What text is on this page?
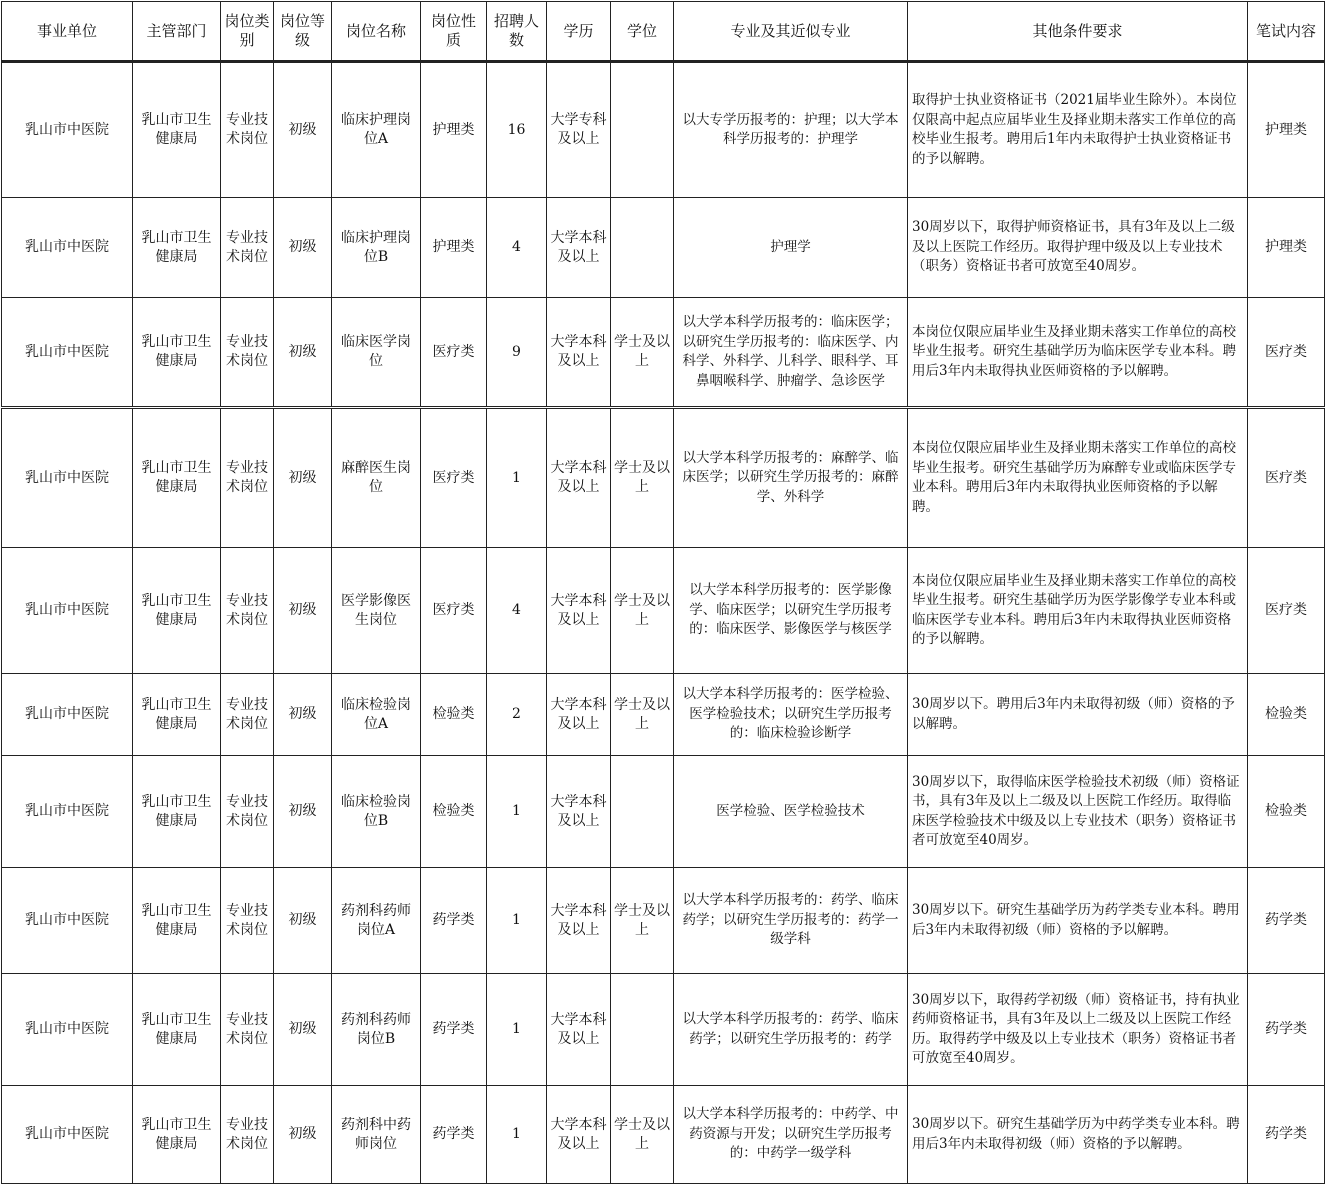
事业单位	主管部门	岗位类别	岗位等级	岗位名称	岗位性质	招聘人数	学历	学位	专业及其近似专业	其他条件要求	笔试内容
乳山市中医院	乳山市卫生健康局	专业技术岗位	初级	临床护理岗位A	护理类	16	大学专科及以上		以大专学历报考的：护理；以大学本科学历报考的：护理学	取得护士执业资格证书（2021届毕业生除外）。本岗位仅限高中起点应届毕业生及择业期未落实工作单位的高校毕业生报考。聘用后1年内未取得护士执业资格证书的予以解聘。	护理类
乳山市中医院	乳山市卫生健康局	专业技术岗位	初级	临床护理岗位B	护理类	4	大学本科及以上		护理学	30周岁以下，取得护师资格证书，具有3年及以上二级及以上医院工作经历。取得护理中级及以上专业技术（职务）资格证书者可放宽至40周岁。	护理类
乳山市中医院	乳山市卫生健康局	专业技术岗位	初级	临床医学岗位	医疗类	9	大学本科及以上	学士及以上	以大学本科学历报考的：临床医学；以研究生学历报考的：临床医学、内科学、外科学、儿科学、眼科学、耳鼻咽喉科学、肿瘤学、急诊医学	本岗位仅限应届毕业生及择业期未落实工作单位的高校毕业生报考。研究生基础学历为临床医学专业本科。聘用后3年内未取得执业医师资格的予以解聘。	医疗类
乳山市中医院	乳山市卫生健康局	专业技术岗位	初级	麻醉医生岗位	医疗类	1	大学本科及以上	学士及以上	以大学本科学历报考的：麻醉学、临床医学；以研究生学历报考的：麻醉学、外科学	本岗位仅限应届毕业生及择业期未落实工作单位的高校毕业生报考。研究生基础学历为麻醉专业或临床医学专业本科。聘用后3年内未取得执业医师资格的予以解聘。	医疗类
乳山市中医院	乳山市卫生健康局	专业技术岗位	初级	医学影像医生岗位	医疗类	4	大学本科及以上	学士及以上	以大学本科学历报考的：医学影像学、临床医学；以研究生学历报考的：临床医学、影像医学与核医学	本岗位仅限应届毕业生及择业期未落实工作单位的高校毕业生报考。研究生基础学历为医学影像学专业本科或临床医学专业本科。聘用后3年内未取得执业医师资格的予以解聘。	医疗类
乳山市中医院	乳山市卫生健康局	专业技术岗位	初级	临床检验岗位A	检验类	2	大学本科及以上	学士及以上	以大学本科学历报考的：医学检验、医学检验技术；以研究生学历报考的：临床检验诊断学	30周岁以下。聘用后3年内未取得初级（师）资格的予以解聘。	检验类
乳山市中医院	乳山市卫生健康局	专业技术岗位	初级	临床检验岗位B	检验类	1	大学本科及以上		医学检验、医学检验技术	30周岁以下，取得临床医学检验技术初级（师）资格证书，具有3年及以上二级及以上医院工作经历。取得临床医学检验技术中级及以上专业技术（职务）资格证书者可放宽至40周岁。	检验类
乳山市中医院	乳山市卫生健康局	专业技术岗位	初级	药剂科药师岗位A	药学类	1	大学本科及以上	学士及以上	以大学本科学历报考的：药学、临床药学；以研究生学历报考的：药学一级学科	30周岁以下。研究生基础学历为药学类专业本科。聘用后3年内未取得初级（师）资格的予以解聘。	药学类
乳山市中医院	乳山市卫生健康局	专业技术岗位	初级	药剂科药师岗位B	药学类	1	大学本科及以上		以大学本科学历报考的：药学、临床药学；以研究生学历报考的：药学	30周岁以下，取得药学初级（师）资格证书，持有执业药师资格证书，具有3年及以上二级及以上医院工作经历。取得药学中级及以上专业技术（职务）资格证书者可放宽至40周岁。	药学类
乳山市中医院	乳山市卫生健康局	专业技术岗位	初级	药剂科中药师岗位	药学类	1	大学本科及以上	学士及以上	以大学本科学历报考的：中药学、中药资源与开发；以研究生学历报考的：中药学一级学科	30周岁以下。研究生基础学历为中药学类专业本科。聘用后3年内未取得初级（师）资格的予以解聘。	药学类
